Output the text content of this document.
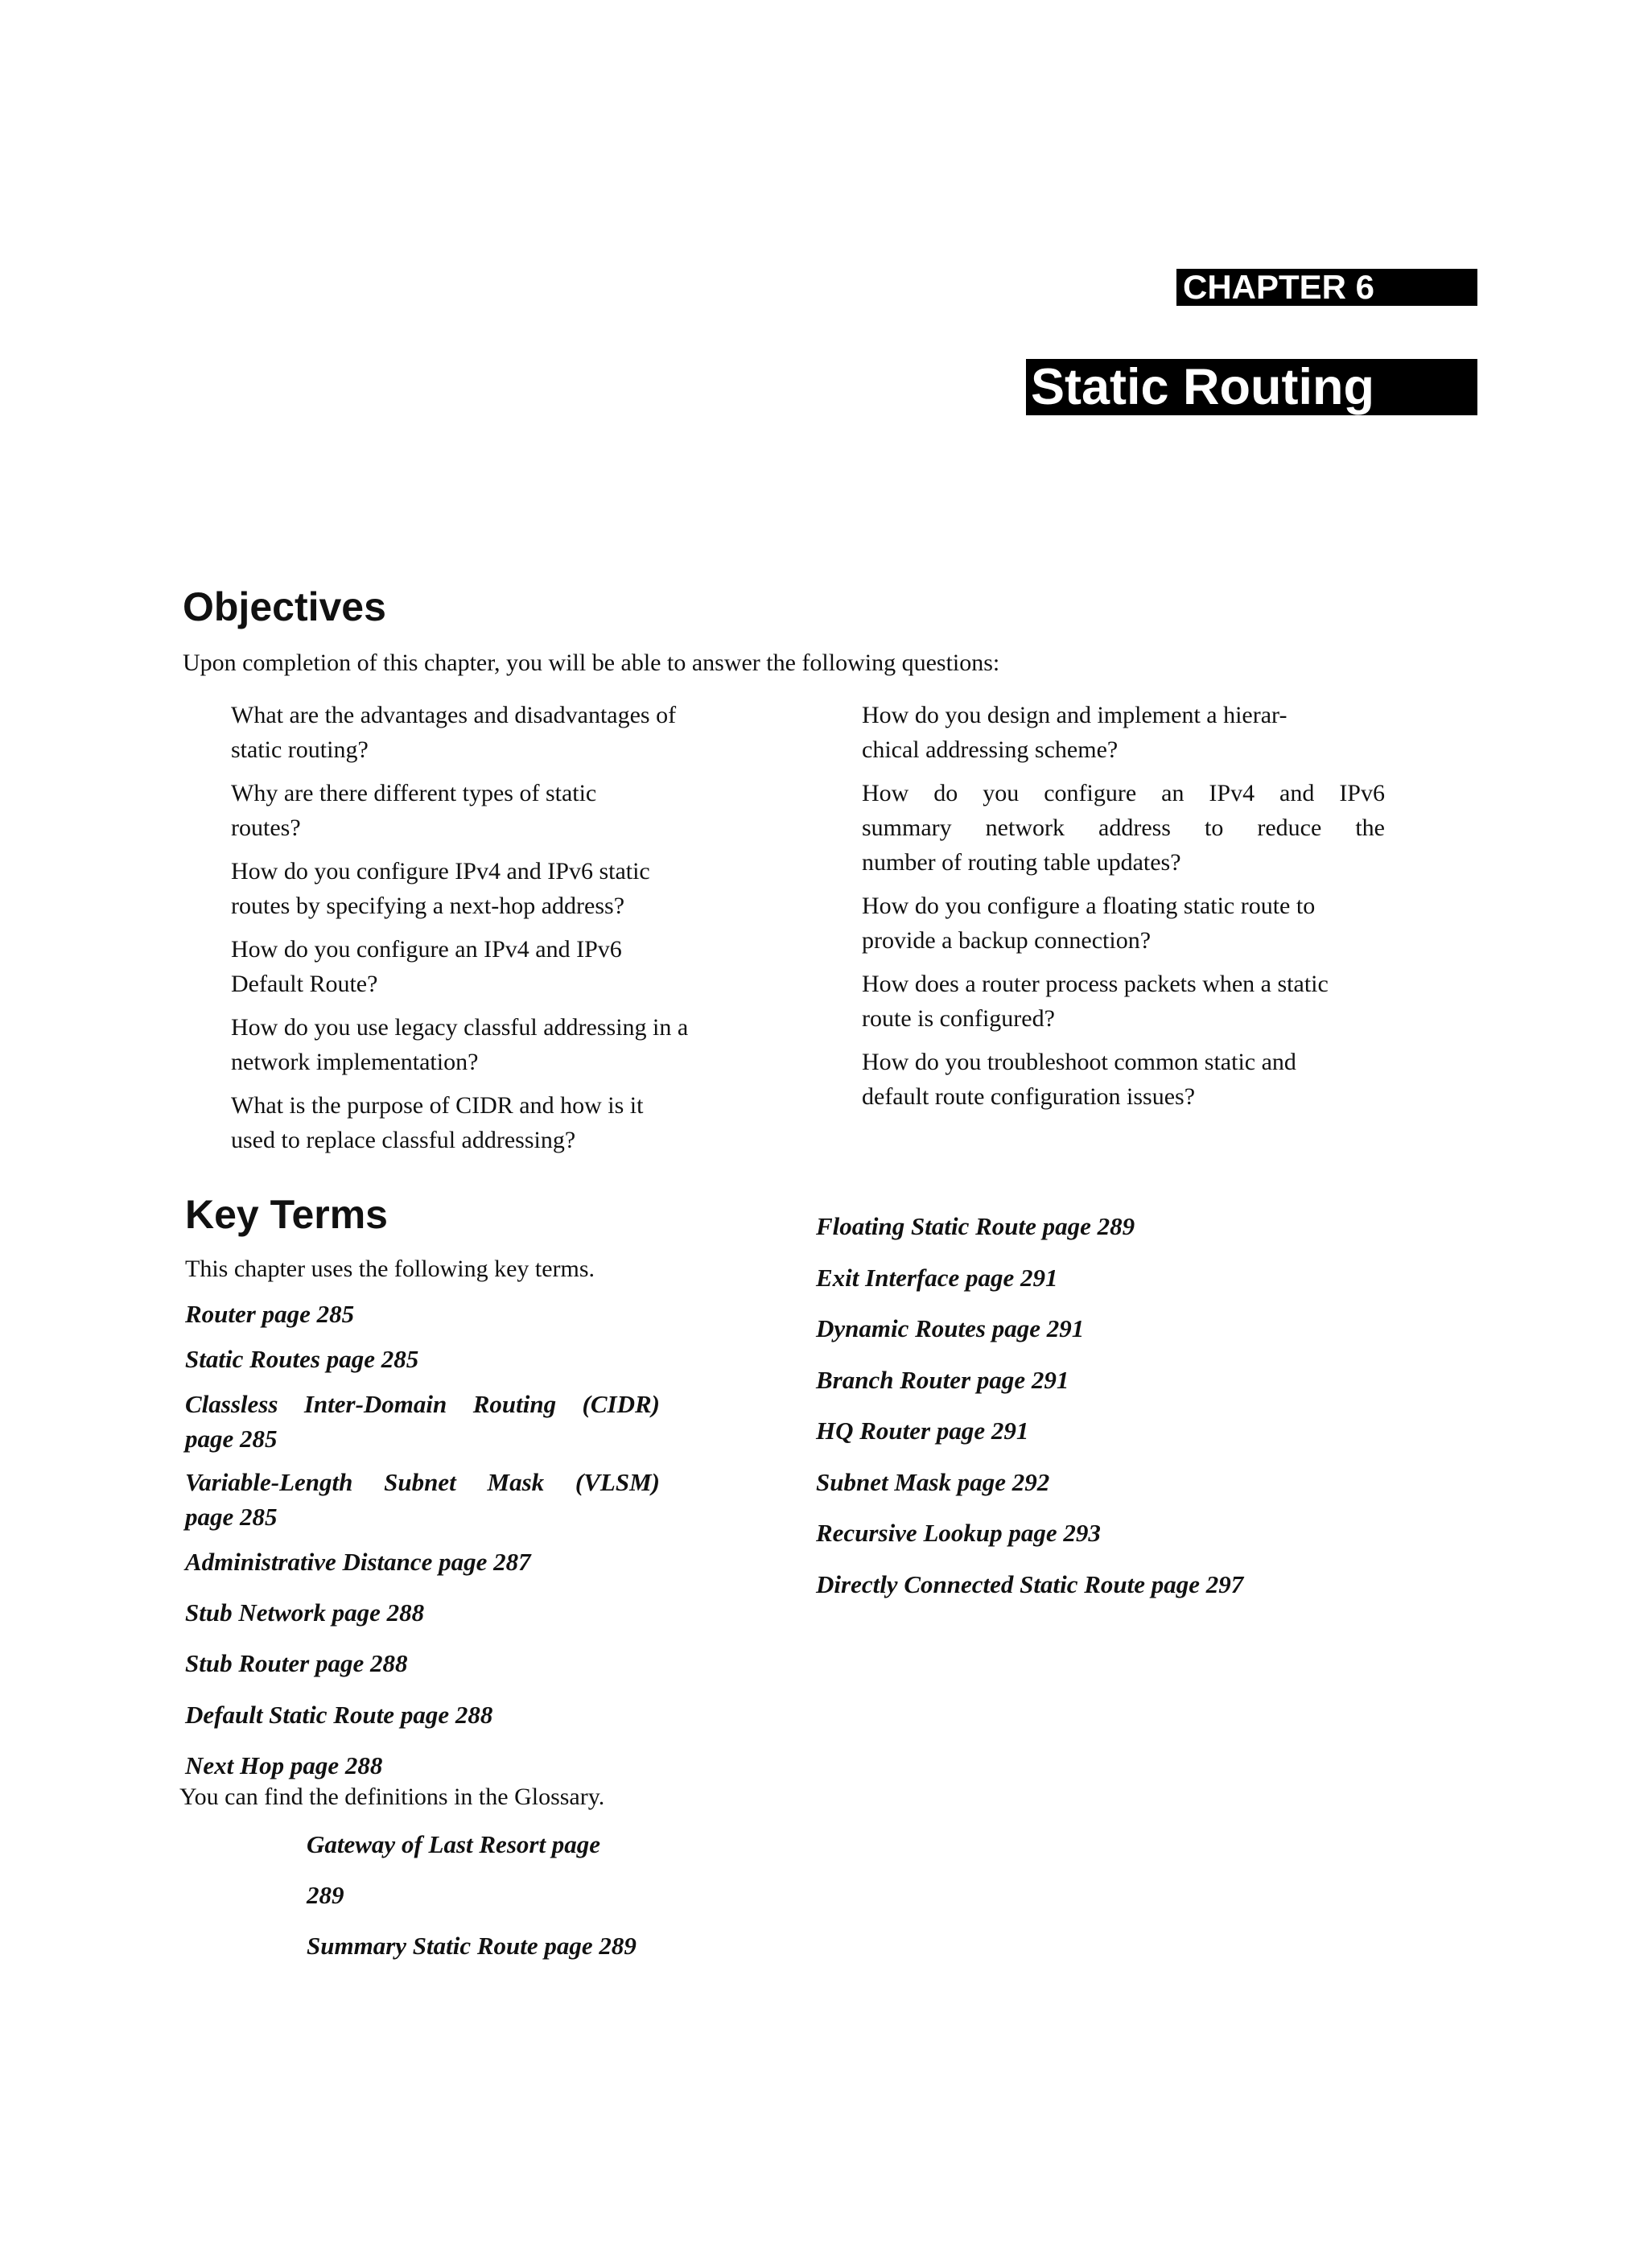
CHAPTER 6
Static Routing
Objectives
Upon completion of this chapter, you will be able to answer the following questions:
What are the advantages and disadvantages of
static routing?
Why are there different types of static
routes?
How do you configure IPv4 and IPv6 static
routes by specifying a next-hop address?
How do you configure an IPv4 and IPv6
Default Route?
How do you use legacy classful addressing in a
network implementation?
What is the purpose of CIDR and how is it
used to replace classful addressing?
How do you design and implement a hierar-
chical addressing scheme?
How do you configure an IPv4 and IPv6
summary network address to reduce the
number of routing table updates?
How do you configure a floating static route to
provide a backup connection?
How does a router process packets when a static
route is configured?
How do you troubleshoot common static and
default route configuration issues?
Key Terms
This chapter uses the following key terms.
Router page 285
Static Routes page 285
Classless Inter-Domain Routing (CIDR)
page 285
Variable-Length Subnet Mask (VLSM)
page 285
Administrative Distance page 287
Stub Network page 288
Stub Router page 288
Default Static Route page 288
Next Hop page 288
You can find the definitions in the Glossary.
Gateway of Last Resort page
289
Summary Static Route page 289
Floating Static Route page 289
Exit Interface page 291
Dynamic Routes page 291
Branch Router page 291
HQ Router page 291
Subnet Mask page 292
Recursive Lookup page 293
Directly Connected Static Route page 297
